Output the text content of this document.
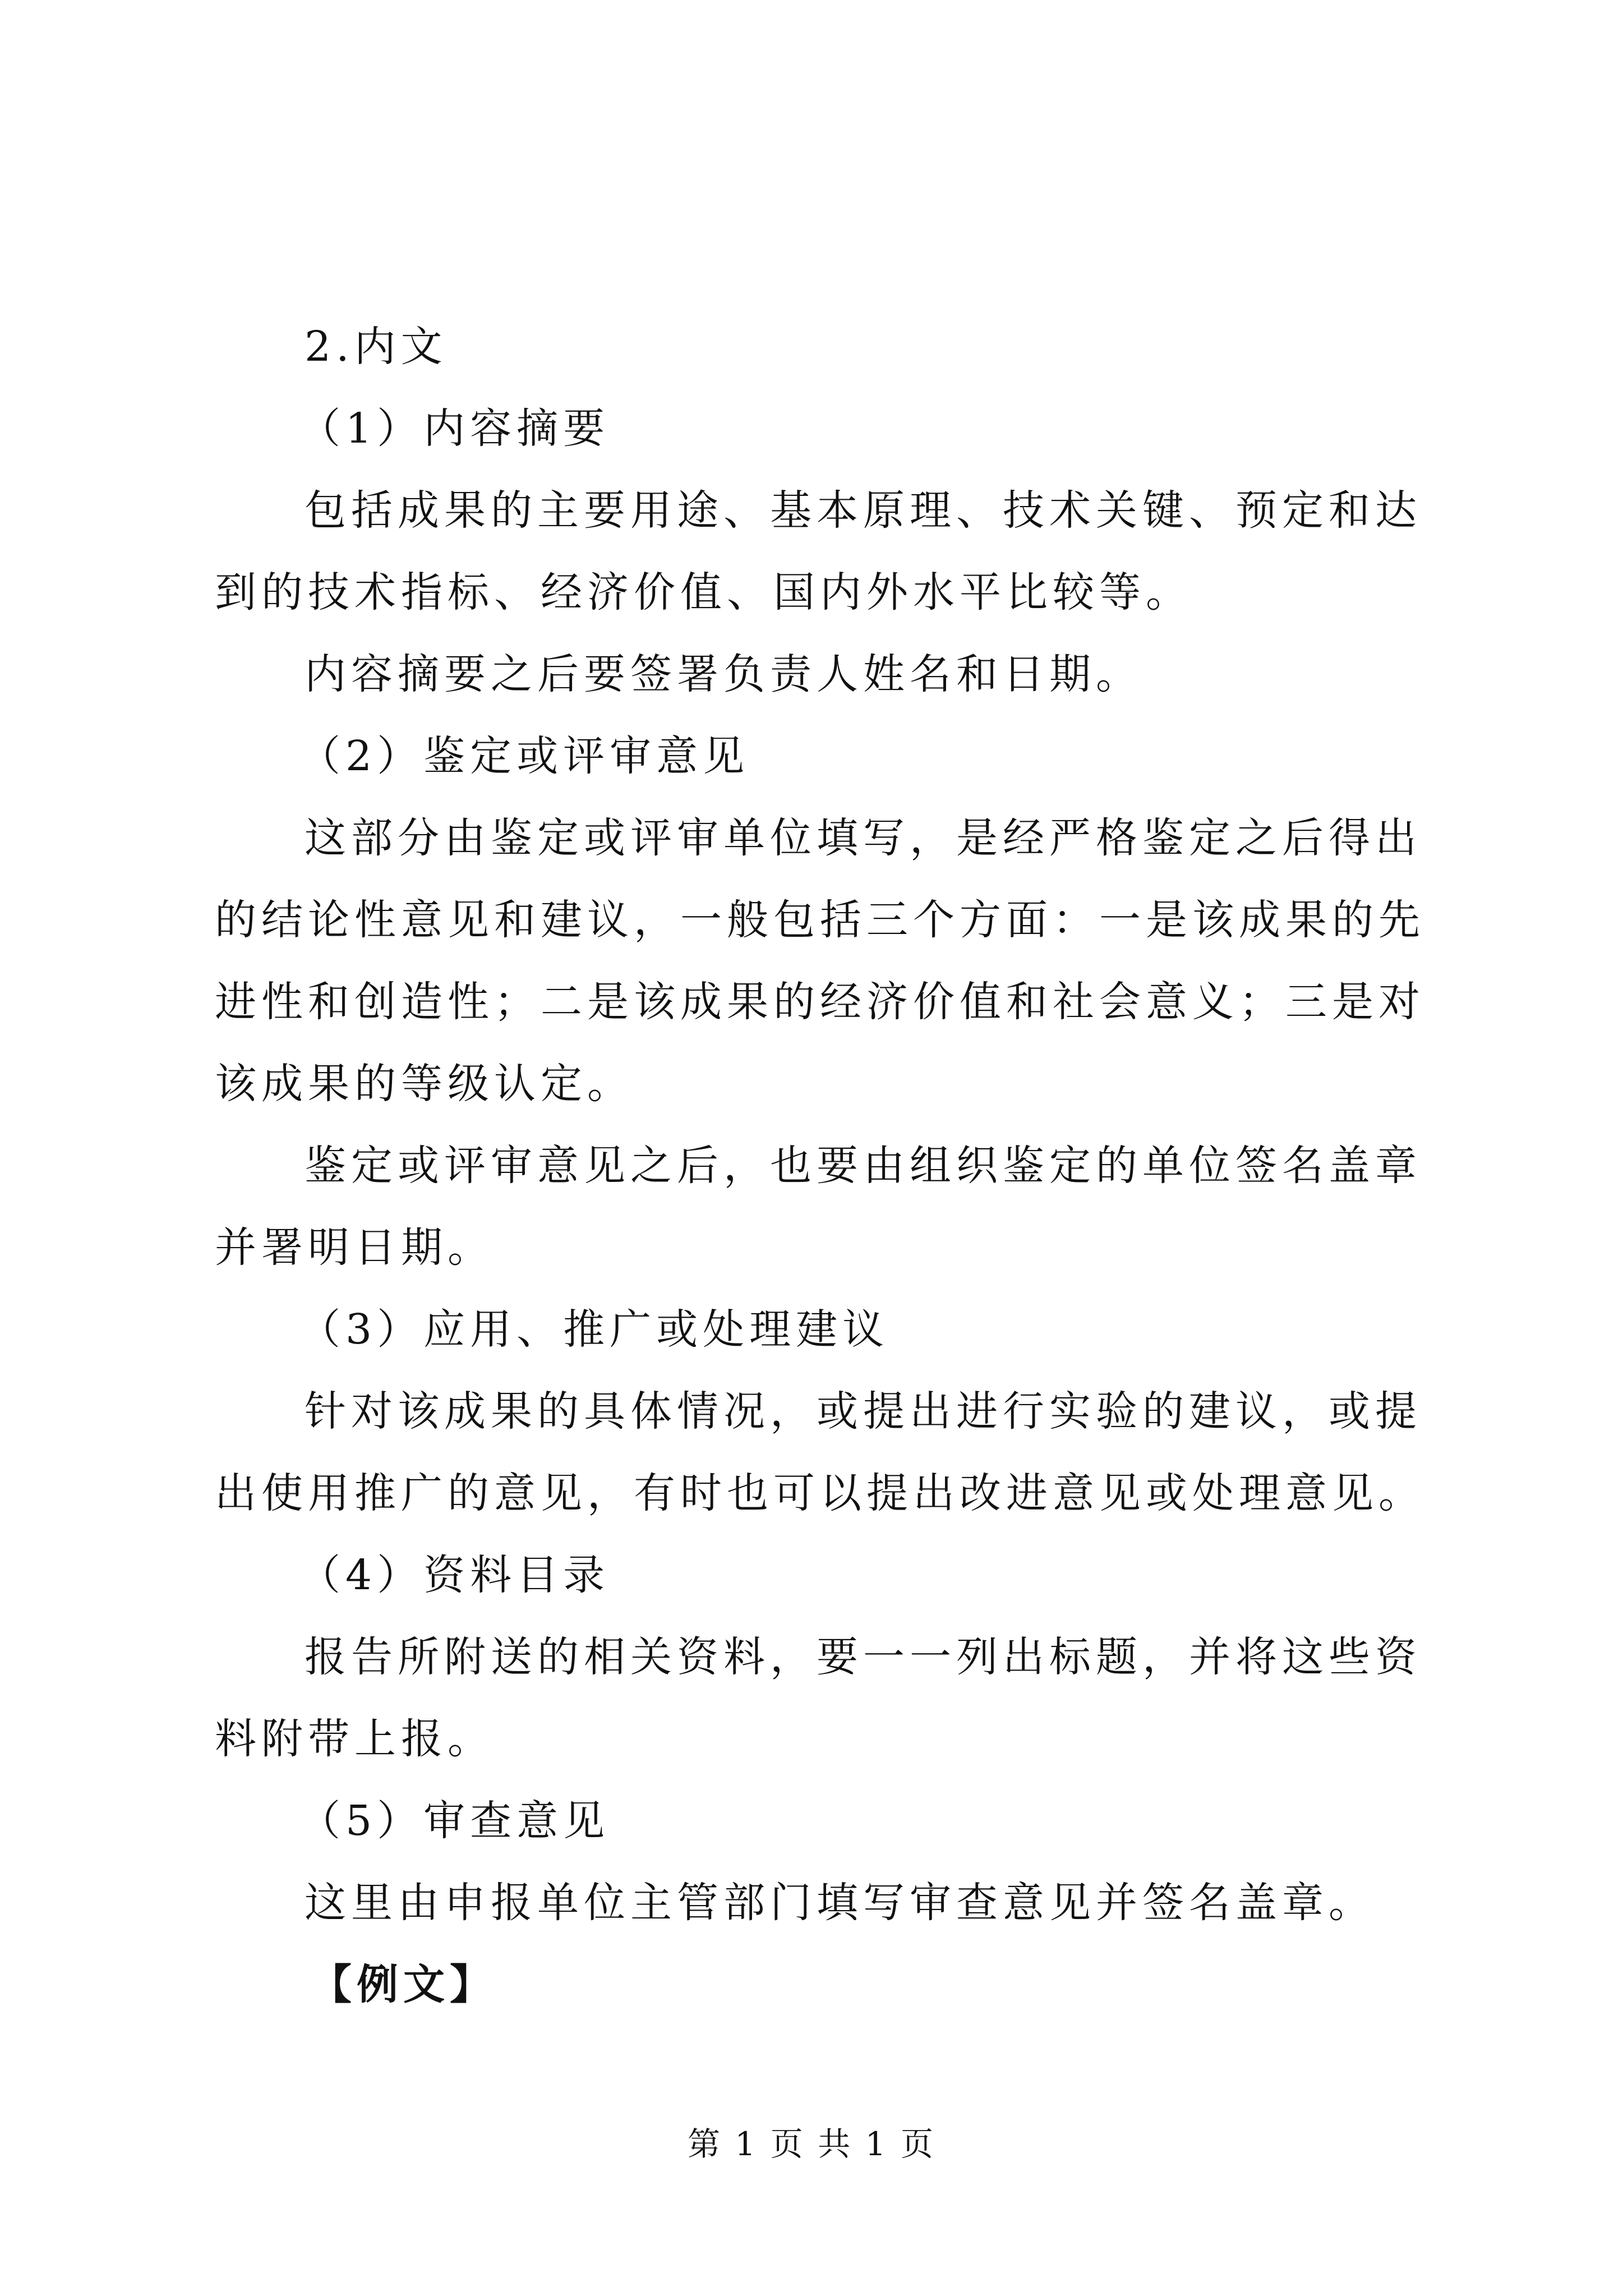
2.内文

（1）内容摘要

包括成果的主要用途、基本原理、技术关键、预定和达到的技术指标、经济价值、国内外水平比较等。

内容摘要之后要签署负责人姓名和日期。

（2）鉴定或评审意见

这部分由鉴定或评审单位填写，是经严格鉴定之后得出的结论性意见和建议，一般包括三个方面：一是该成果的先进性和创造性；二是该成果的经济价值和社会意义；三是对该成果的等级认定。

鉴定或评审意见之后，也要由组织鉴定的单位签名盖章并署明日期。

（3）应用、推广或处理建议

针对该成果的具体情况，或提出进行实验的建议，或提出使用推广的意见，有时也可以提出改进意见或处理意见。

（4）资料目录

报告所附送的相关资料，要一一列出标题，并将这些资料附带上报。

（5）审查意见

这里由申报单位主管部门填写审查意见并签名盖章。

【例文】

第 1 页 共 1 页
